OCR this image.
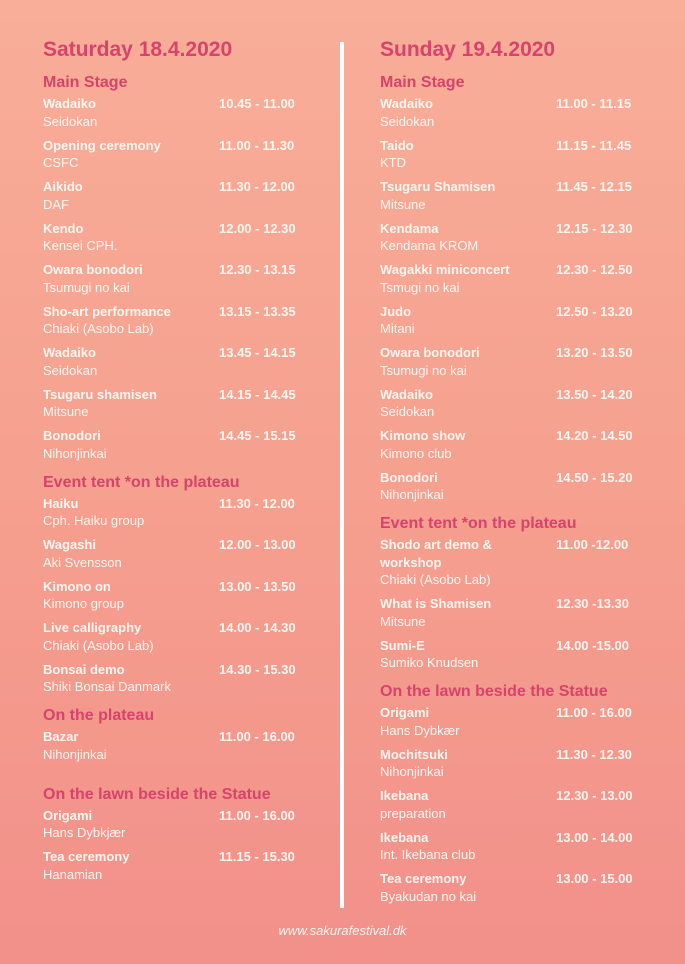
Saturday 18.4.2020
Main Stage
Wadaiko
Seidokan
10.45 - 11.00
Opening ceremony
CSFC
11.00 - 11.30
Aikido
DAF
11.30 - 12.00
Kendo
Kensei CPH.
12.00 - 12.30
Owara bonodori
Tsumugi no kai
12.30 - 13.15
Sho-art performance
Chiaki (Asobo Lab)
13.15 - 13.35
Wadaiko
Seidokan
13.45 - 14.15
Tsugaru shamisen
Mitsune
14.15 - 14.45
Bonodori
Nihonjinkai
14.45 - 15.15
Event tent *on the plateau
Haiku
Cph. Haiku group
11.30 - 12.00
Wagashi
Aki Svensson
12.00 - 13.00
Kimono on
Kimono group
13.00 - 13.50
Live calligraphy
Chiaki (Asobo Lab)
14.00 - 14.30
Bonsai demo
Shiki Bonsai Danmark
14.30 - 15.30
On the plateau
Bazar
Nihonjinkai
11.00 - 16.00
On the lawn beside the Statue
Origami
Hans Dybkjær
11.00 - 16.00
Tea ceremony
Hanamian
11.15 - 15.30
Sunday 19.4.2020
Main Stage
Wadaiko
Seidokan
11.00 - 11.15
Taido
KTD
11.15 - 11.45
Tsugaru Shamisen
Mitsune
11.45 - 12.15
Kendama
Kendama KROM
12.15 - 12.30
Wagakki miniconcert
Tsmugi no kai
12.30 - 12.50
Judo
Mitani
12.50 - 13.20
Owara bonodori
Tsumugi no kai
13.20 - 13.50
Wadaiko
Seidokan
13.50 - 14.20
Kimono show
Kimono club
14.20 - 14.50
Bonodori
Nihonjinkai
14.50 - 15.20
Event tent *on the plateau
Shodo art demo & workshop
Chiaki (Asobo Lab)
11.00 -12.00
What is Shamisen
Mitsune
12.30 -13.30
Sumi-E
Sumiko Knudsen
14.00 -15.00
On the lawn beside the Statue
Origami
Hans Dybkær
11.00 - 16.00
Mochitsuki
Nihonjinkai
11.30 - 12.30
Ikebana
preparation
12.30 - 13.00
Ikebana
Int. Ikebana club
13.00 - 14.00
Tea ceremony
Byakudan no kai
13.00 - 15.00
www.sakurafestival.dk
